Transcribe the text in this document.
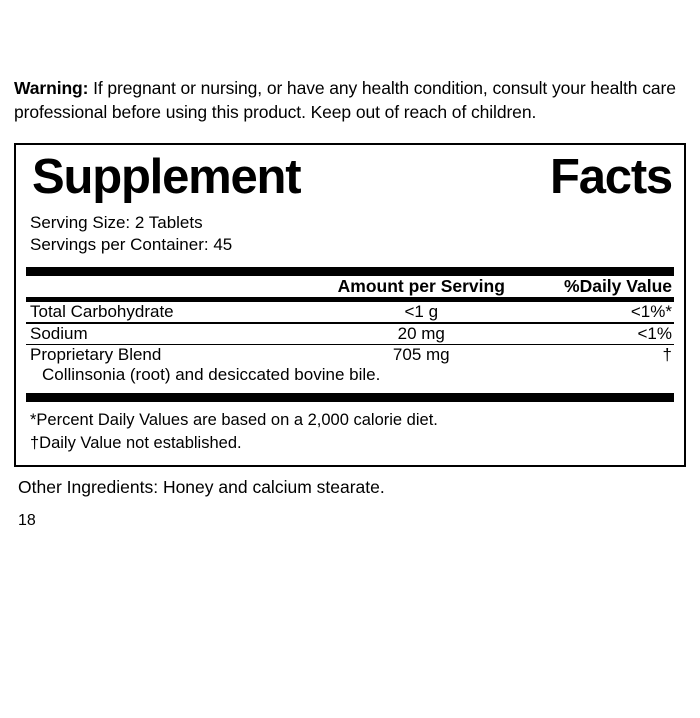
Warning: If pregnant or nursing, or have any health condition, consult your health care professional before using this product. Keep out of reach of children.

Supplement	Facts
Serving Size: 2 Tablets
Servings per Container: 45
	Amount per Serving	%Daily Value
Total Carbohydrate	<1 g	<1%*

Sodium	20 mg	<1%

Proprietary Blend	705 mg	†

Collinsonia (root) and desiccated bovine bile.		
*Percent Daily Values are based on a 2,000 calorie diet.
†Daily Value not established.
Other Ingredients: Honey and calcium stearate.
18
